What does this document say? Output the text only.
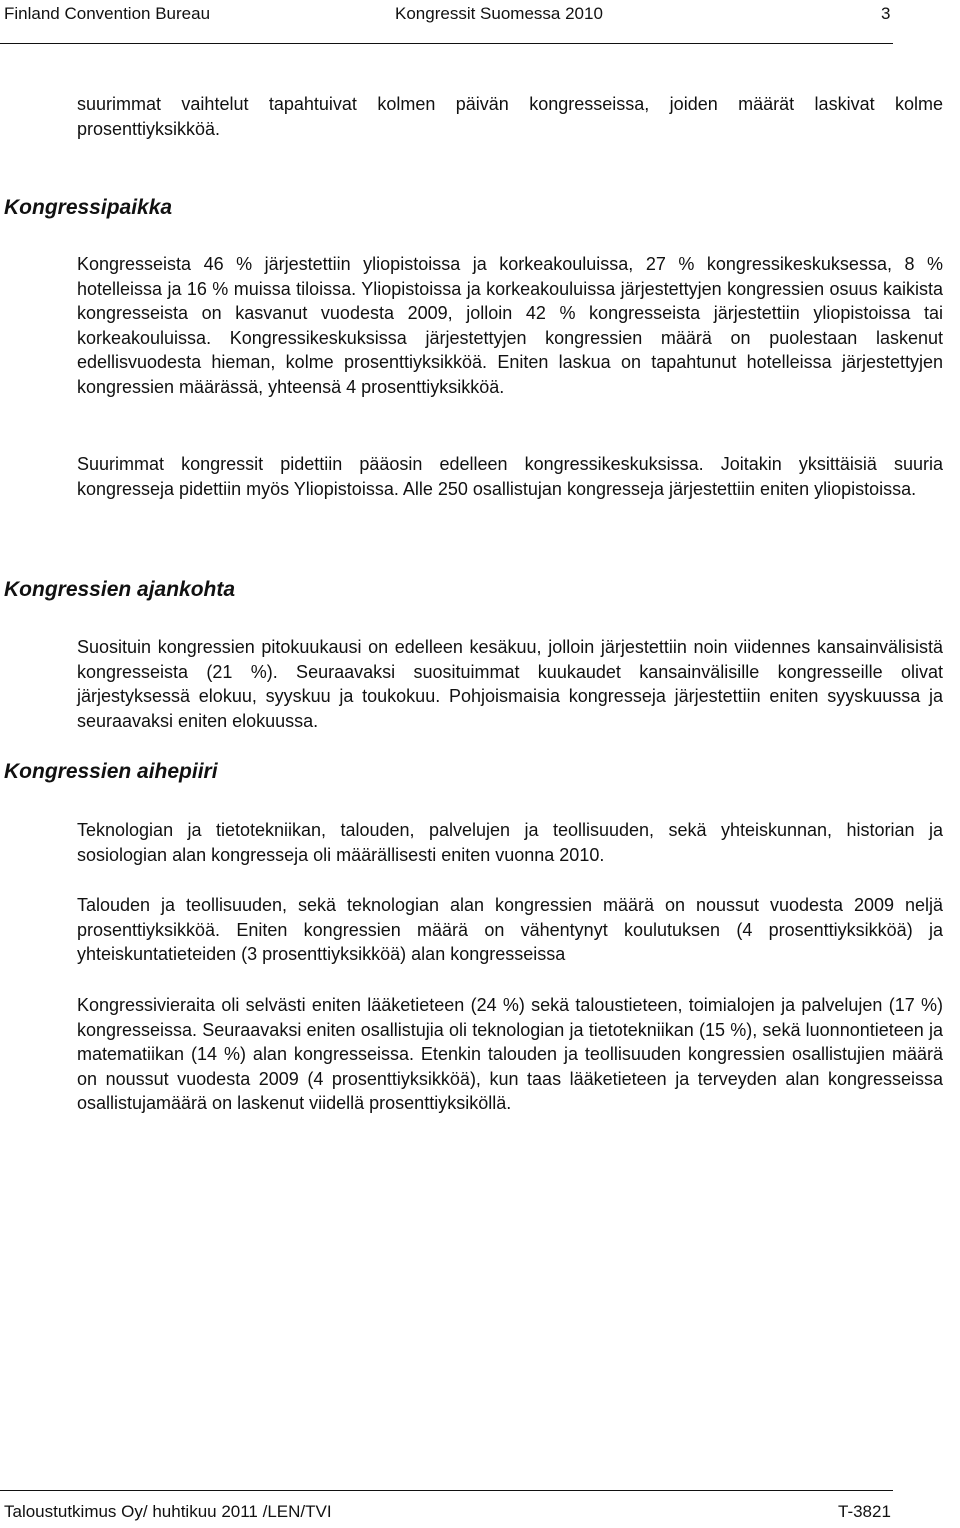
Finland Convention Bureau	Kongressit Suomessa 2010	3

suurimmat vaihtelut tapahtuivat kolmen päivän kongresseissa, joiden määrät laskivat kolme prosenttiyksikköä.

Kongressipaikka

Kongresseista 46 % järjestettiin yliopistoissa ja korkeakouluissa, 27 % kongressikeskuksessa, 8 % hotelleissa ja 16 % muissa tiloissa. Yliopistoissa ja korkeakouluissa järjestettyjen kongressien osuus kaikista kongresseista on kasvanut vuodesta 2009, jolloin 42 % kongresseista järjestettiin yliopistoissa tai korkeakouluissa. Kongressikeskuksissa järjestettyjen kongressien määrä on puolestaan laskenut edellisvuodesta hieman, kolme prosenttiyksikköä. Eniten laskua on tapahtunut hotelleissa järjestettyjen kongressien määrässä, yhteensä 4 prosenttiyksikköä.

Suurimmat kongressit pidettiin pääosin edelleen kongressikeskuksissa. Joitakin yksittäisiä suuria kongresseja pidettiin myös Yliopistoissa. Alle 250 osallistujan kongresseja järjestettiin eniten yliopistoissa.

Kongressien ajankohta

Suosituin kongressien pitokuukausi on edelleen kesäkuu, jolloin järjestettiin noin viidennes kansainvälisistä kongresseista (21 %). Seuraavaksi suosituimmat kuukaudet kansainvälisille kongresseille olivat järjestyksessä elokuu, syyskuu ja toukokuu. Pohjoismaisia kongresseja järjestettiin eniten syyskuussa ja seuraavaksi eniten elokuussa.

Kongressien aihepiiri

Teknologian ja tietotekniikan, talouden, palvelujen ja teollisuuden, sekä yhteiskunnan, historian ja sosiologian alan kongresseja oli määrällisesti eniten vuonna 2010.

Talouden ja teollisuuden, sekä teknologian alan kongressien määrä on noussut vuodesta 2009 neljä prosenttiyksikköä. Eniten kongressien määrä on vähentynyt koulutuksen (4 prosenttiyksikköä) ja yhteiskuntatieteiden (3 prosenttiyksikköä) alan kongresseissa

Kongressivieraita oli selvästi eniten lääketieteen (24 %) sekä taloustieteen, toimialojen ja palvelujen (17 %) kongresseissa. Seuraavaksi eniten osallistujia oli teknologian ja tietotekniikan (15 %), sekä luonnontieteen ja matematiikan (14 %) alan kongresseissa. Etenkin talouden ja teollisuuden kongressien osallistujien määrä on noussut vuodesta 2009 (4 prosenttiyksikköä), kun taas lääketieteen ja terveyden alan kongresseissa osallistujamäärä on laskenut viidellä prosenttiyksiköllä.

Taloustutkimus Oy/ huhtikuu 2011 /LEN/TVI	T-3821
